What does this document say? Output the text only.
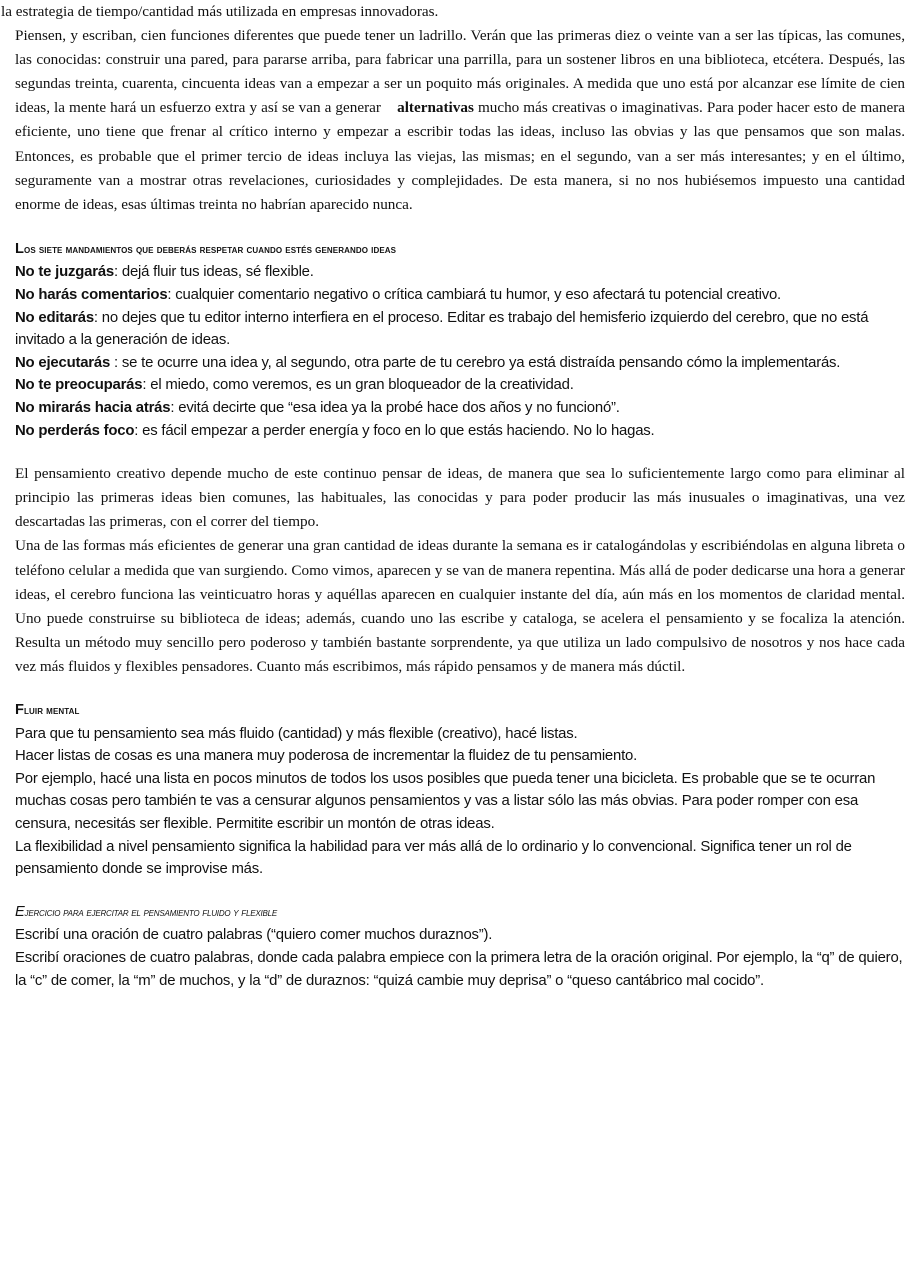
la estrategia de tiempo/cantidad más utilizada en empresas innovadoras.

Piensen, y escriban, cien funciones diferentes que puede tener un ladrillo. Verán que las primeras diez o veinte van a ser las típicas, las comunes, las conocidas: construir una pared, para pararse arriba, para fabricar una parrilla, para un sostener libros en una biblioteca, etcétera. Después, las segundas treinta, cuarenta, cincuenta ideas van a empezar a ser un poquito más originales. A medida que uno está por alcanzar ese límite de cien ideas, la mente hará un esfuerzo extra y así se van a generar alternativas mucho más creativas o imaginativas. Para poder hacer esto de manera eficiente, uno tiene que frenar al crítico interno y empezar a escribir todas las ideas, incluso las obvias y las que pensamos que son malas. Entonces, es probable que el primer tercio de ideas incluya las viejas, las mismas; en el segundo, van a ser más interesantes; y en el último, seguramente van a mostrar otras revelaciones, curiosidades y complejidades. De esta manera, si no nos hubiésemos impuesto una cantidad enorme de ideas, esas últimas treinta no habrían aparecido nunca.

Los siete mandamientos que deberás respetar cuando estés generando ideas

No te juzgarás: dejá fluir tus ideas, sé flexible.

No harás comentarios: cualquier comentario negativo o crítica cambiará tu humor, y eso afectará tu potencial creativo.

No editarás: no dejes que tu editor interno interfiera en el proceso. Editar es trabajo del hemisferio izquierdo del cerebro, que no está invitado a la generación de ideas.

No ejecutarás : se te ocurre una idea y, al segundo, otra parte de tu cerebro ya está distraída pensando cómo la implementarás.

No te preocuparás: el miedo, como veremos, es un gran bloqueador de la creatividad.

No mirarás hacia atrás: evitá decirte que “esa idea ya la probé hace dos años y no funcionó”.

No perderás foco: es fácil empezar a perder energía y foco en lo que estás haciendo. No lo hagas.

El pensamiento creativo depende mucho de este continuo pensar de ideas, de manera que sea lo suficientemente largo como para eliminar al principio las primeras ideas bien comunes, las habituales, las conocidas y para poder producir las más inusuales o imaginativas, una vez descartadas las primeras, con el correr del tiempo.

Una de las formas más eficientes de generar una gran cantidad de ideas durante la semana es ir catalogándolas y escribiéndolas en alguna libreta o teléfono celular a medida que van surgiendo. Como vimos, aparecen y se van de manera repentina. Más allá de poder dedicarse una hora a generar ideas, el cerebro funciona las veinticuatro horas y aquéllas aparecen en cualquier instante del día, aún más en los momentos de claridad mental. Uno puede construirse su biblioteca de ideas; además, cuando uno las escribe y cataloga, se acelera el pensamiento y se focaliza la atención. Resulta un método muy sencillo pero poderoso y también bastante sorprendente, ya que utiliza un lado compulsivo de nosotros y nos hace cada vez más fluidos y flexibles pensadores. Cuanto más escribimos, más rápido pensamos y de manera más dúctil.

Fluir mental

Para que tu pensamiento sea más fluido (cantidad) y más flexible (creativo), hacé listas.

Hacer listas de cosas es una manera muy poderosa de incrementar la fluidez de tu pensamiento.

Por ejemplo, hacé una lista en pocos minutos de todos los usos posibles que pueda tener una bicicleta. Es probable que se te ocurran muchas cosas pero también te vas a censurar algunos pensamientos y vas a listar sólo las más obvias. Para poder romper con esa censura, necesitás ser flexible. Permitite escribir un montón de otras ideas.

La flexibilidad a nivel pensamiento significa la habilidad para ver más allá de lo ordinario y lo convencional. Significa tener un rol de pensamiento donde se improvise más.

Ejercicio para ejercitar el pensamiento fluido y flexible

Escribí una oración de cuatro palabras (“quiero comer muchos duraznos”).

Escribí oraciones de cuatro palabras, donde cada palabra empiece con la primera letra de la oración original. Por ejemplo, la “q” de quiero, la “c” de comer, la “m” de muchos, y la “d” de duraznos: “quizá cambie muy deprisa” o “queso cantábrico mal cocido”.
